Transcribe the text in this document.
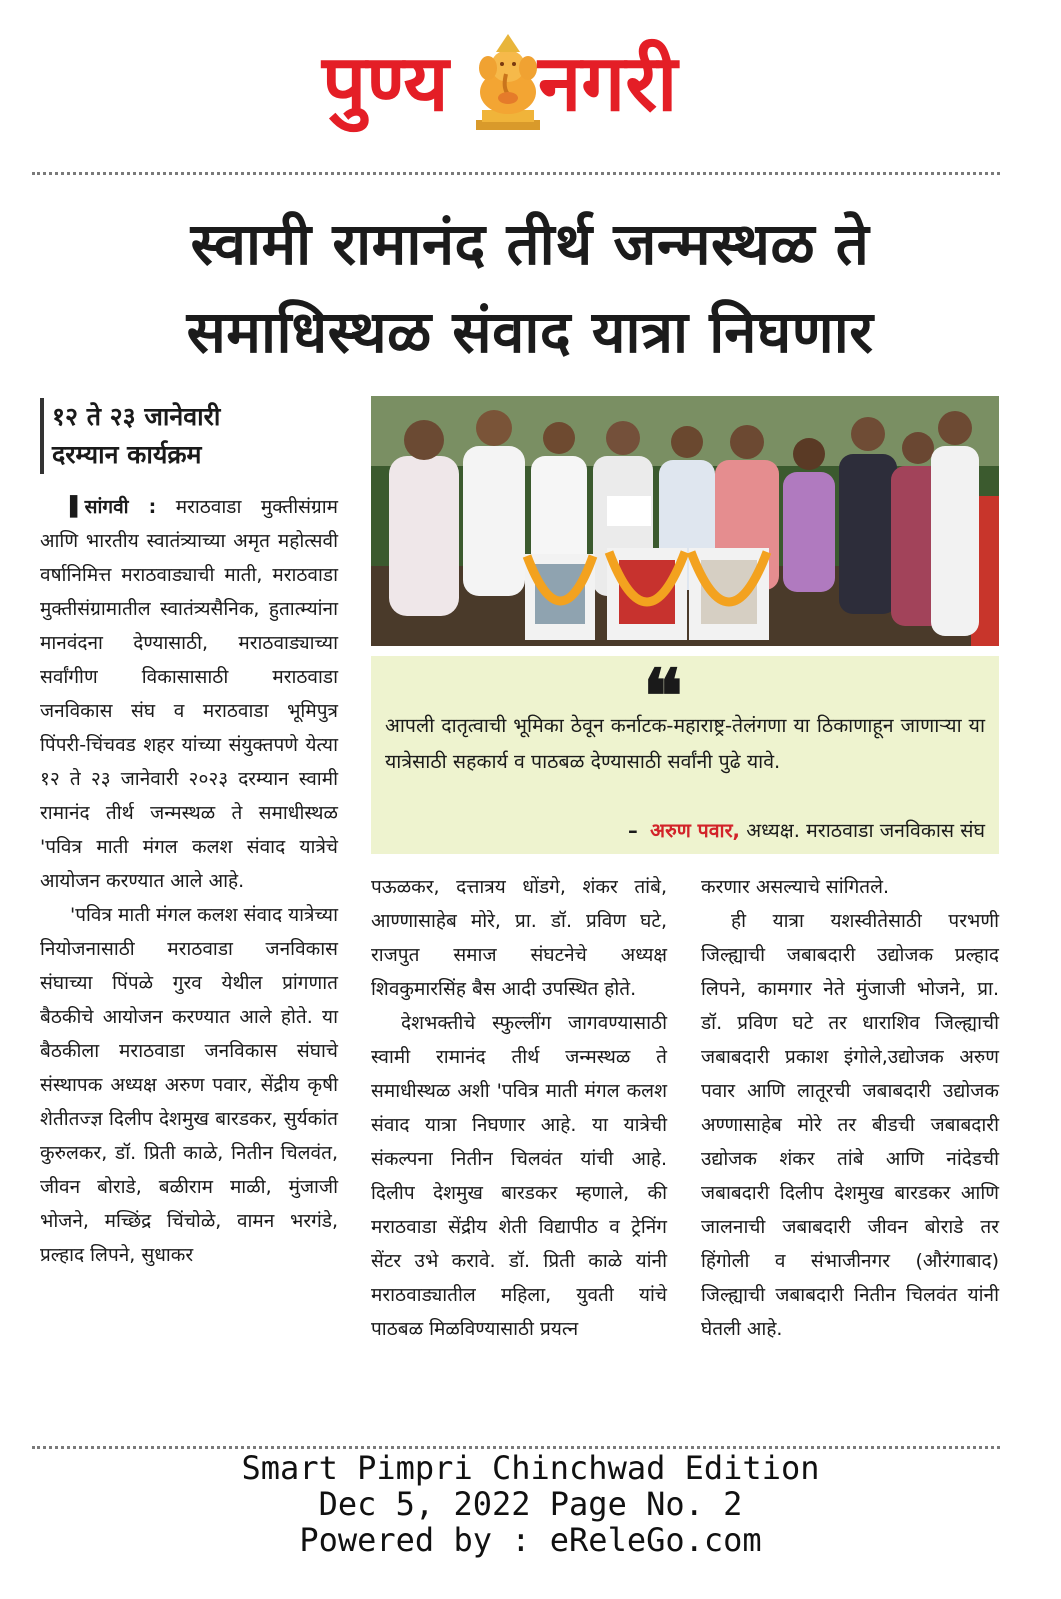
पुण्य नगरी
स्वामी रामानंद तीर्थ जन्मस्थळ ते
समाधिस्थळ संवाद यात्रा निघणार
१२ ते २३ जानेवारी
दरम्यान कार्यक्रम

▌सांगवी : मराठवाडा मुक्तीसंग्राम आणि भारतीय स्वातंत्र्याच्या अमृत महोत्सवी वर्षानिमित्त मराठवाड्याची माती, मराठवाडा मुक्तीसंग्रामातील स्वातंत्र्यसैनिक, हुतात्म्यांना मानवंदना देण्यासाठी, मराठवाड्याच्या सर्वांगीण विकासासाठी मराठवाडा जनविकास संघ व मराठवाडा भूमिपुत्र पिंपरी-चिंचवड शहर यांच्या संयुक्तपणे येत्या १२ ते २३ जानेवारी २०२३ दरम्यान स्वामी रामानंद तीर्थ जन्मस्थळ ते समाधीस्थळ 'पवित्र माती मंगल कलश संवाद यात्रेचे आयोजन करण्यात आले आहे.

'पवित्र माती मंगल कलश संवाद यात्रेच्या नियोजनासाठी मराठवाडा जनविकास संघाच्या पिंपळे गुरव येथील प्रांगणात बैठकीचे आयोजन करण्यात आले होते. या बैठकीला मराठवाडा जनविकास संघाचे संस्थापक अध्यक्ष अरुण पवार, सेंद्रीय कृषी शेतीतज्ज्ञ दिलीप देशमुख बारडकर, सुर्यकांत कुरुलकर, डॉ. प्रिती काळे, नितीन चिलवंत, जीवन बोराडे, बळीराम माळी, मुंजाजी भोजने, मच्छिंद्र चिंचोळे, वामन भरगंडे, प्रल्हाद लिपने, सुधाकर

❝
आपली दातृत्वाची भूमिका ठेवून कर्नाटक-महाराष्ट्र-तेलंगणा या ठिकाणाहून जाणाऱ्या या यात्रेसाठी सहकार्य व पाठबळ देण्यासाठी सर्वांनी पुढे यावे.
– अरुण पवार, अध्यक्ष. मराठवाडा जनविकास संघ

पऊळकर, दत्तात्रय धोंडगे, शंकर तांबे, आण्णासाहेब मोरे, प्रा. डॉ. प्रविण घटे, राजपुत समाज संघटनेचे अध्यक्ष शिवकुमारसिंह बैस आदी उपस्थित होते.

देशभक्तीचे स्फुल्लींग जागवण्यासाठी स्वामी रामानंद तीर्थ जन्मस्थळ ते समाधीस्थळ अशी 'पवित्र माती मंगल कलश संवाद यात्रा निघणार आहे. या यात्रेची संकल्पना नितीन चिलवंत यांची आहे. दिलीप देशमुख बारडकर म्हणाले, की मराठवाडा सेंद्रीय शेती विद्यापीठ व ट्रेनिंग सेंटर उभे करावे. डॉ. प्रिती काळे यांनी मराठवाड्यातील महिला, युवती यांचे पाठबळ मिळविण्यासाठी प्रयत्न

करणार असल्याचे सांगितले.

ही यात्रा यशस्वीतेसाठी परभणी जिल्ह्याची जबाबदारी उद्योजक प्रल्हाद लिपने, कामगार नेते मुंजाजी भोजने, प्रा. डॉ. प्रविण घटे तर धाराशिव जिल्ह्याची जबाबदारी प्रकाश इंगोले,उद्योजक अरुण पवार आणि लातूरची जबाबदारी उद्योजक अण्णासाहेब मोरे तर बीडची जबाबदारी उद्योजक शंकर तांबे आणि नांदेडची जबाबदारी दिलीप देशमुख बारडकर आणि जालनाची जबाबदारी जीवन बोराडे तर हिंगोली व संभाजीनगर (औरंगाबाद) जिल्ह्याची जबाबदारी नितीन चिलवंत यांनी घेतली आहे.

Smart Pimpri Chinchwad Edition
Dec 5, 2022 Page No. 2
Powered by : eReleGo.com
